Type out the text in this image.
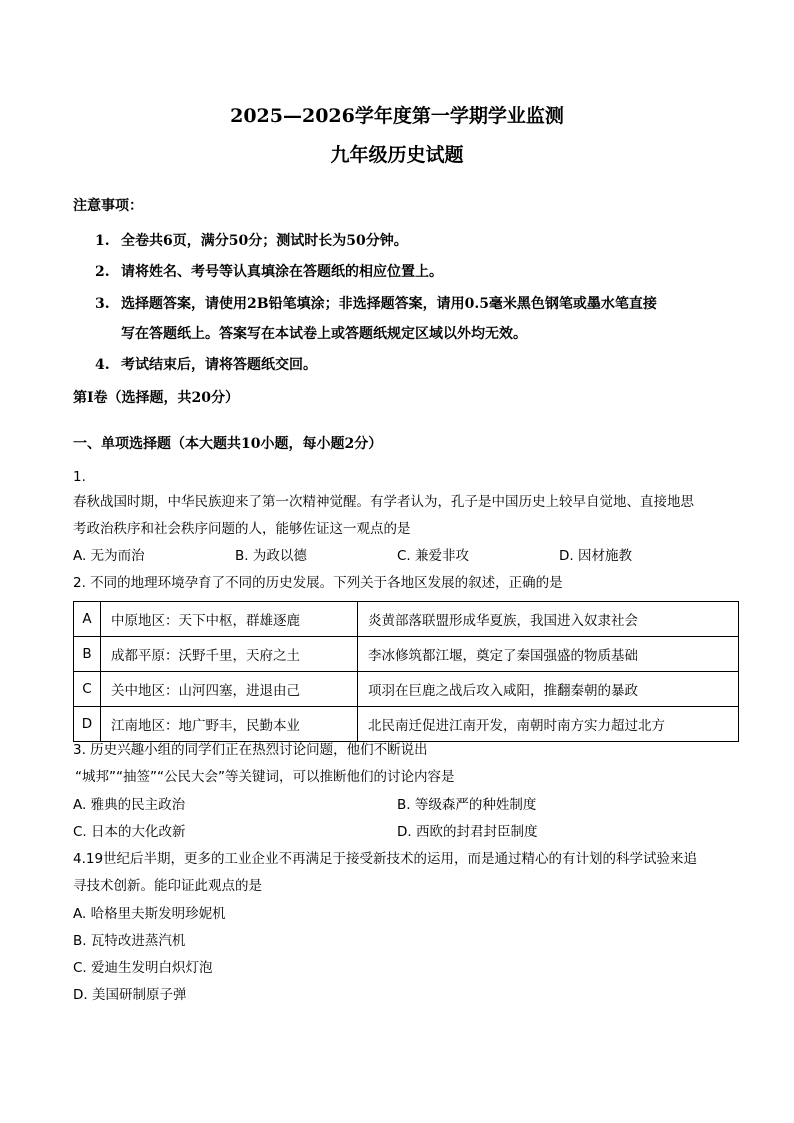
2025—2026学年度第一学期学业监测
九年级历史试题
注意事项：
1. 全卷共6页，满分50分；测试时长为50分钟。
2. 请将姓名、考号等认真填涂在答题纸的相应位置上。
3. 选择题答案，请使用2B铅笔填涂；非选择题答案，请用0.5毫米黑色钢笔或墨水笔直接
写在答题纸上。答案写在本试卷上或答题纸规定区域以外均无效。
4. 考试结束后，请将答题纸交回。
第Ⅰ卷（选择题，共20分）
一、单项选择题（本大题共10小题，每小题2分）
1.
春秋战国时期，中华民族迎来了第一次精神觉醒。有学者认为，孔子是中国历史上较早自觉地、直接地思
考政治秩序和社会秩序问题的人，能够佐证这一观点的是
A. 无为而治	B. 为政以德	C. 兼爱非攻	D. 因材施教
2. 不同的地理环境孕育了不同的历史发展。下列关于各地区发展的叙述，正确的是
A	中原地区：天下中枢，群雄逐鹿	炎黄部落联盟形成华夏族，我国进入奴隶社会
B	成都平原：沃野千里，天府之土	李冰修筑都江堰，奠定了秦国强盛的物质基础
C	关中地区：山河四塞，进退由己	项羽在巨鹿之战后攻入咸阳，推翻秦朝的暴政
D	江南地区：地广野丰，民勤本业	北民南迁促进江南开发，南朝时南方实力超过北方
3. 历史兴趣小组的同学们正在热烈讨论问题，他们不断说出
“城邦”“抽签”“公民大会”等关键词，可以推断他们的讨论内容是
A. 雅典的民主政治	B. 等级森严的种姓制度
C. 日本的大化改新	D. 西欧的封君封臣制度
4.19世纪后半期，更多的工业企业不再满足于接受新技术的运用，而是通过精心的有计划的科学试验来追
寻技术创新。能印证此观点的是
A. 哈格里夫斯发明珍妮机
B. 瓦特改进蒸汽机
C. 爱迪生发明白炽灯泡
D. 美国研制原子弹
